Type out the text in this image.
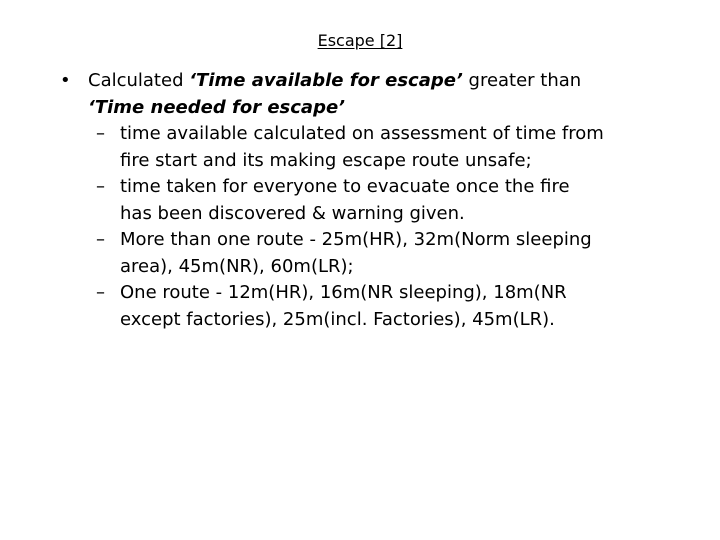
Escape [2]
• Calculated ‘Time available for escape’ greater than
‘Time needed for escape’
– time available calculated on assessment of time from
fire start and its making escape route unsafe;
– time taken for everyone to evacuate once the fire
has been discovered & warning given.
– More than one route - 25m(HR), 32m(Norm sleeping
area), 45m(NR), 60m(LR);
– One route - 12m(HR), 16m(NR sleeping), 18m(NR
except factories), 25m(incl. Factories), 45m(LR).
